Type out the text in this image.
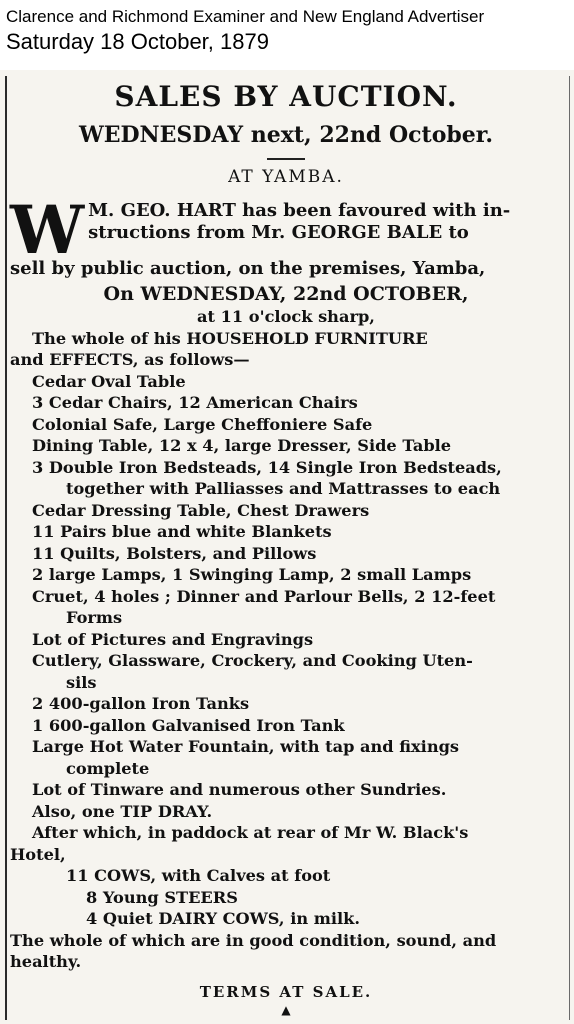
Clarence and Richmond Examiner and New England Advertiser
Saturday 18 October, 1879

SALES BY AUCTION.

WEDNESDAY next, 22nd October.

AT YAMBA.

W M. GEO. HART has been favoured with in-
structions from Mr. GEORGE BALE to
sell by public auction, on the premises, Yamba,
On WEDNESDAY, 22nd OCTOBER,
at 11 o'clock sharp,
The whole of his HOUSEHOLD FURNITURE
and EFFECTS, as follows—
Cedar Oval Table
3 Cedar Chairs, 12 American Chairs
Colonial Safe, Large Cheffoniere Safe
Dining Table, 12 x 4, large Dresser, Side Table
3 Double Iron Bedsteads, 14 Single Iron Bedsteads,
together with Palliasses and Mattrasses to each
Cedar Dressing Table, Chest Drawers
11 Pairs blue and white Blankets
11 Quilts, Bolsters, and Pillows
2 large Lamps, 1 Swinging Lamp, 2 small Lamps
Cruet, 4 holes ; Dinner and Parlour Bells, 2 12-feet
Forms
Lot of Pictures and Engravings
Cutlery, Glassware, Crockery, and Cooking Uten-
sils
2 400-gallon Iron Tanks
1 600-gallon Galvanised Iron Tank
Large Hot Water Fountain, with tap and fixings
complete
Lot of Tinware and numerous other Sundries.
Also, one TIP DRAY.
After which, in paddock at rear of Mr W. Black's
Hotel,
11 COWS, with Calves at foot
8 Young STEERS
4 Quiet DAIRY COWS, in milk.
The whole of which are in good condition, sound, and
healthy.
TERMS AT SALE.
▲
